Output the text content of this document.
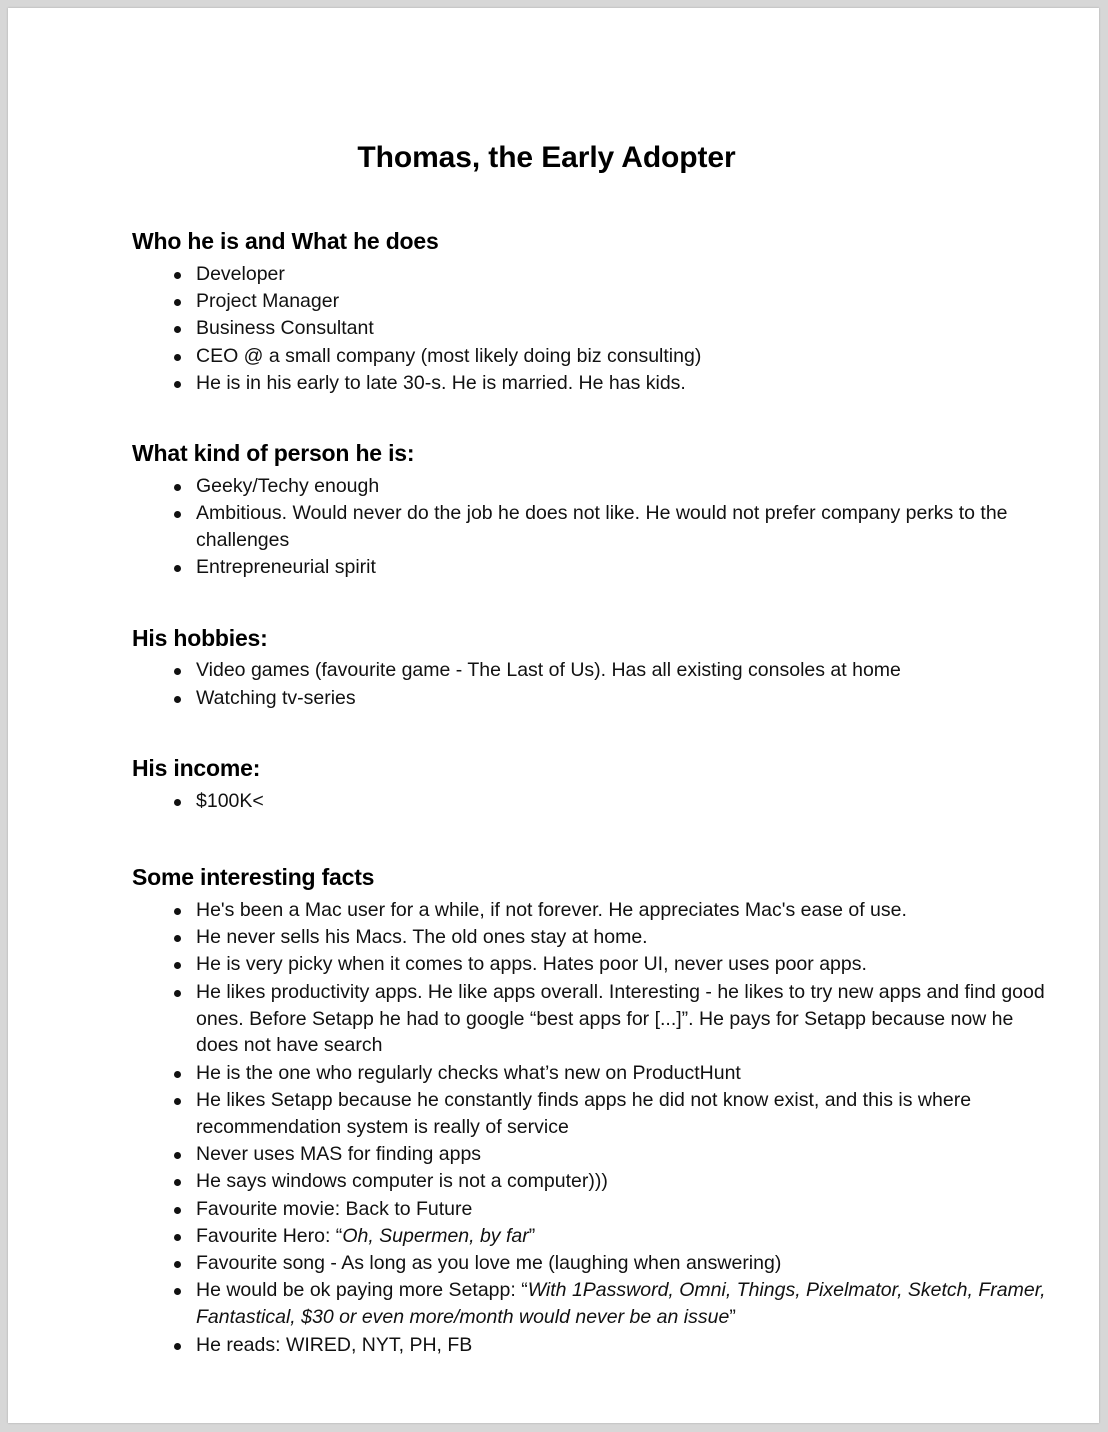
Thomas, the Early Adopter
Who he is and What he does
Developer
Project Manager
Business Consultant
CEO @ a small company (most likely doing biz consulting)
He is in his early to late 30-s. He is married. He has kids.
What kind of person he is:
Geeky/Techy enough
Ambitious. Would never do the job he does not like. He would not prefer company perks to the challenges
Entrepreneurial spirit
His hobbies:
Video games (favourite game - The Last of Us). Has all existing consoles at home
Watching tv-series
His income:
$100K<
Some interesting facts
He's been a Mac user for a while, if not forever. He appreciates Mac's ease of use.
He never sells his Macs. The old ones stay at home.
He is very picky when it comes to apps. Hates poor UI, never uses poor apps.
He likes productivity apps. He like apps overall. Interesting - he likes to try new apps and find good ones. Before Setapp he had to google “best apps for [...]”. He pays for Setapp because now he does not have search
He is the one who regularly checks what’s new on ProductHunt
He likes Setapp because he constantly finds apps he did not know exist, and this is where recommendation system is really of service
Never uses MAS for finding apps
He says windows computer is not a computer)))
Favourite movie: Back to Future
Favourite Hero: “Oh, Supermen, by far”
Favourite song - As long as you love me (laughing when answering)
He would be ok paying more Setapp: “With 1Password, Omni, Things, Pixelmator, Sketch, Framer, Fantastical, $30 or even more/month would never be an issue”
He reads: WIRED, NYT, PH, FB
